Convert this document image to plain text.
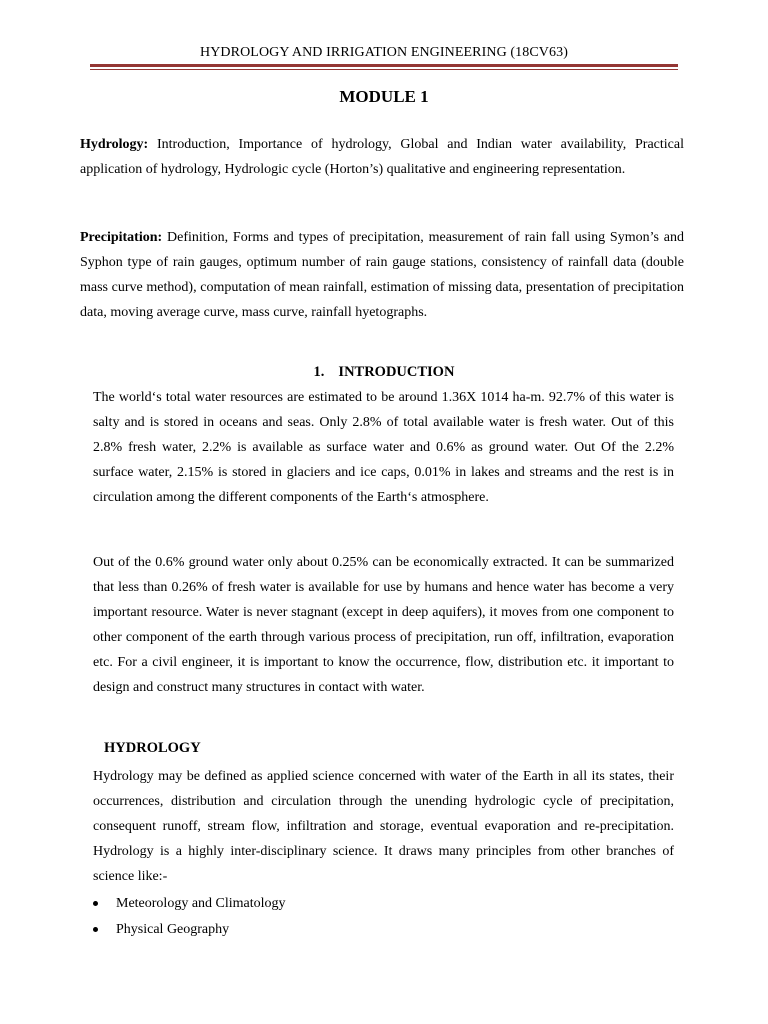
HYDROLOGY AND IRRIGATION ENGINEERING (18CV63)
MODULE 1
Hydrology: Introduction, Importance of hydrology, Global and Indian water availability, Practical application of hydrology, Hydrologic cycle (Horton’s) qualitative and engineering representation.
Precipitation: Definition, Forms and types of precipitation, measurement of rain fall using Symon’s and Syphon type of rain gauges, optimum number of rain gauge stations, consistency of rainfall data (double mass curve method), computation of mean rainfall, estimation of missing data, presentation of precipitation data, moving average curve, mass curve, rainfall hyetographs.
1. INTRODUCTION
The world‘s total water resources are estimated to be around 1.36X 1014 ha-m. 92.7% of this water is salty and is stored in oceans and seas. Only 2.8% of total available water is fresh water. Out of this 2.8% fresh water, 2.2% is available as surface water and 0.6% as ground water. Out Of the 2.2% surface water, 2.15% is stored in glaciers and ice caps, 0.01% in lakes and streams and the rest is in circulation among the different components of the Earth‘s atmosphere.
Out of the 0.6% ground water only about 0.25% can be economically extracted. It can be summarized that less than 0.26% of fresh water is available for use by humans and hence water has become a very important resource. Water is never stagnant (except in deep aquifers), it moves from one component to other component of the earth through various process of precipitation, run off, infiltration, evaporation etc. For a civil engineer, it is important to know the occurrence, flow, distribution etc. it important to design and construct many structures in contact with water.
HYDROLOGY
Hydrology may be defined as applied science concerned with water of the Earth in all its states, their occurrences, distribution and circulation through the unending hydrologic cycle of precipitation, consequent runoff, stream flow, infiltration and storage, eventual evaporation and re-precipitation. Hydrology is a highly inter-disciplinary science. It draws many principles from other branches of science like:-
Meteorology and Climatology
Physical Geography
